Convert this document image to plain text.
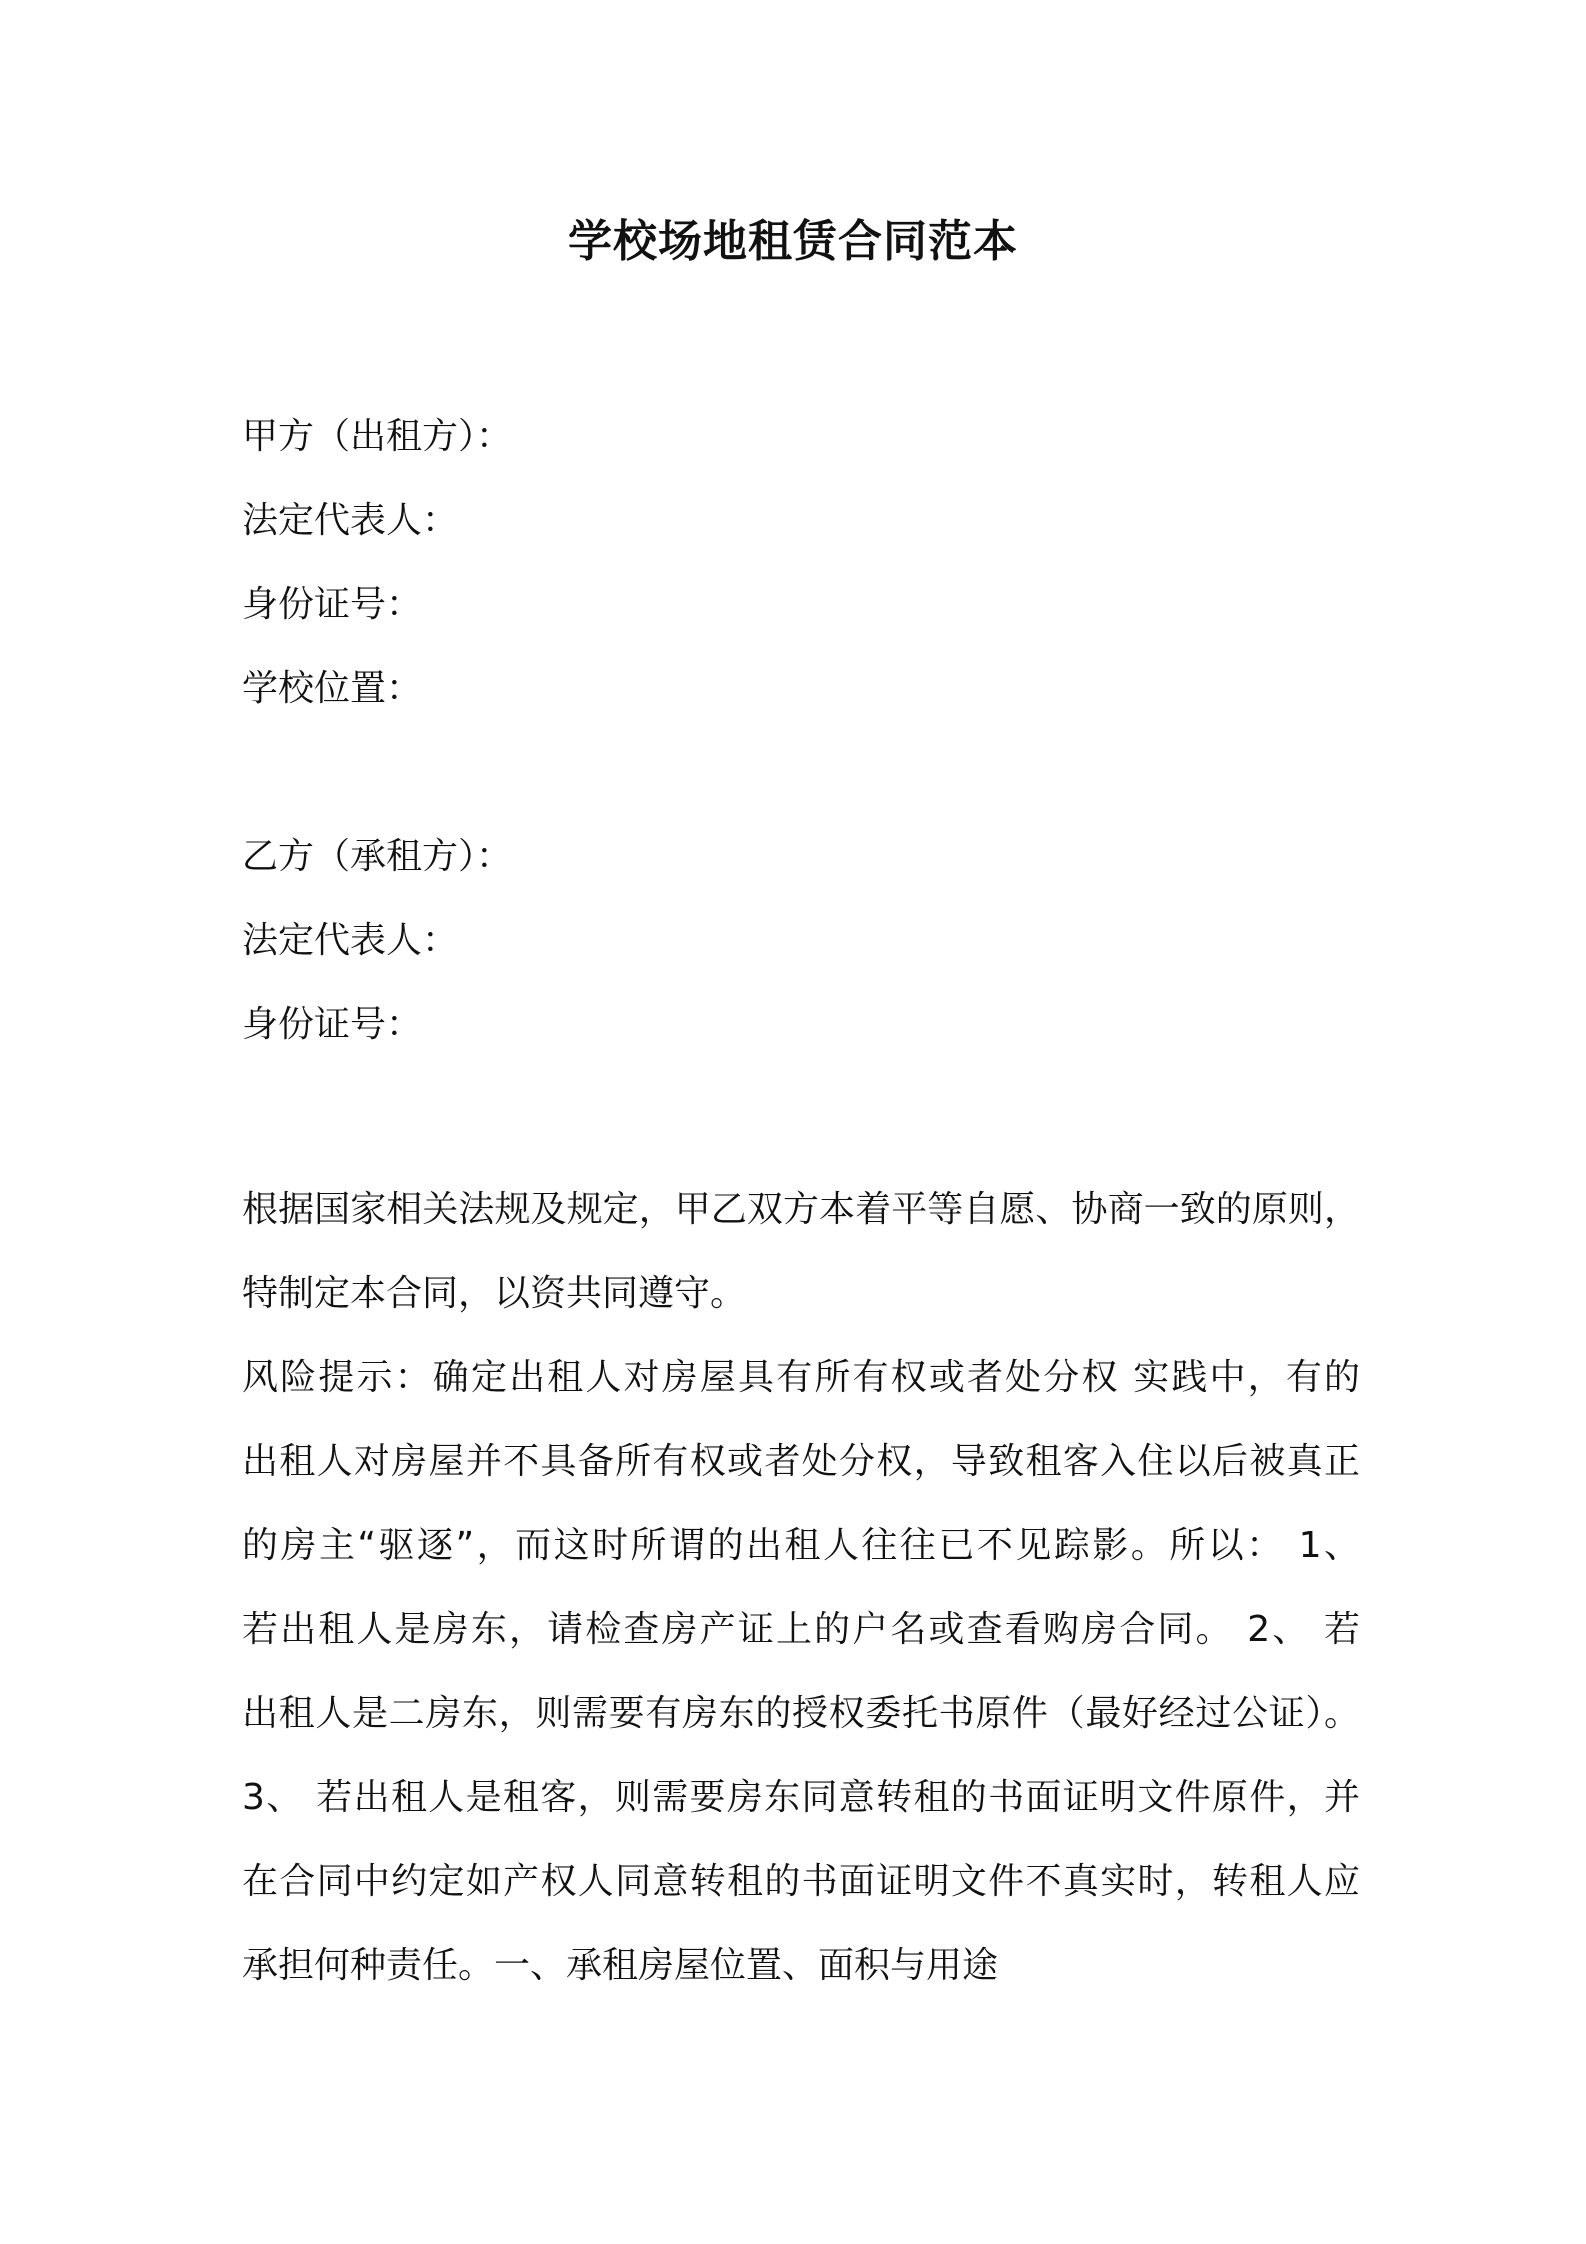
学校场地租赁合同范本
甲方（出租方）：
法定代表人：
身份证号：
学校位置：
乙方（承租方）：
法定代表人：
身份证号：
根据国家相关法规及规定，甲乙双方本着平等自愿、协商一致的原则，
特制定本合同，以资共同遵守。
风险提示：确定出租人对房屋具有所有权或者处分权 实践中，有的
出租人对房屋并不具备所有权或者处分权，导致租客入住以后被真正
的房主“驱逐”，而这时所谓的出租人往往已不见踪影。所以： 1、
若出租人是房东，请检查房产证上的户名或查看购房合同。 2、 若
出租人是二房东，则需要有房东的授权委托书原件（最好经过公证）。
3、 若出租人是租客，则需要房东同意转租的书面证明文件原件，并
在合同中约定如产权人同意转租的书面证明文件不真实时，转租人应
承担何种责任。一、承租房屋位置、面积与用途
